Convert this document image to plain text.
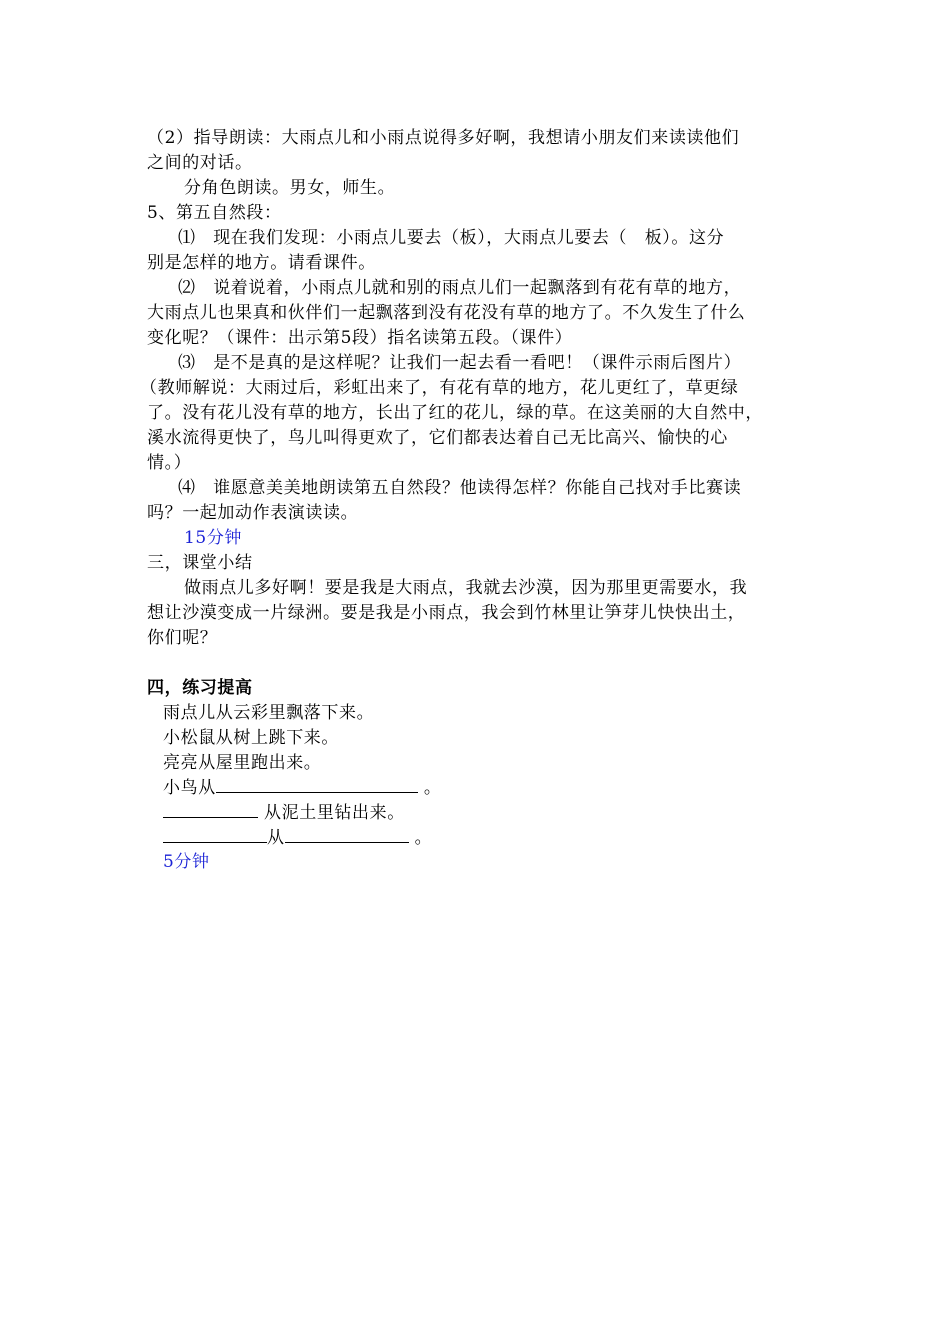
（2）指导朗读：大雨点儿和小雨点说得多好啊，我想请小朋友们来读读他们
之间的对话。
分角色朗读。男女，师生。
5、第五自然段：
⑴　现在我们发现：小雨点儿要去（板），大雨点儿要去（　板）。这分
别是怎样的地方。请看课件。
⑵　说着说着，小雨点儿就和别的雨点儿们一起飘落到有花有草的地方，
大雨点儿也果真和伙伴们一起飘落到没有花没有草的地方了。不久发生了什么
变化呢？（课件：出示第5段）指名读第五段。（课件）
⑶　是不是真的是这样呢？让我们一起去看一看吧！（课件示雨后图片）
（教师解说：大雨过后，彩虹出来了，有花有草的地方，花儿更红了，草更绿
了。没有花儿没有草的地方，长出了红的花儿，绿的草。在这美丽的大自然中，
溪水流得更快了，鸟儿叫得更欢了，它们都表达着自己无比高兴、愉快的心
情。）
⑷　谁愿意美美地朗读第五自然段？他读得怎样？你能自己找对手比赛读
吗？一起加动作表演读读。
15分钟
三，课堂小结
做雨点儿多好啊！要是我是大雨点，我就去沙漠，因为那里更需要水，我
想让沙漠变成一片绿洲。要是我是小雨点，我会到竹林里让笋芽儿快快出土，
你们呢？
四，练习提高
雨点儿从云彩里飘落下来。
小松鼠从树上跳下来。
亮亮从屋里跑出来。
小鸟从	。
从泥土里钻出来。
从	。
5分钟
